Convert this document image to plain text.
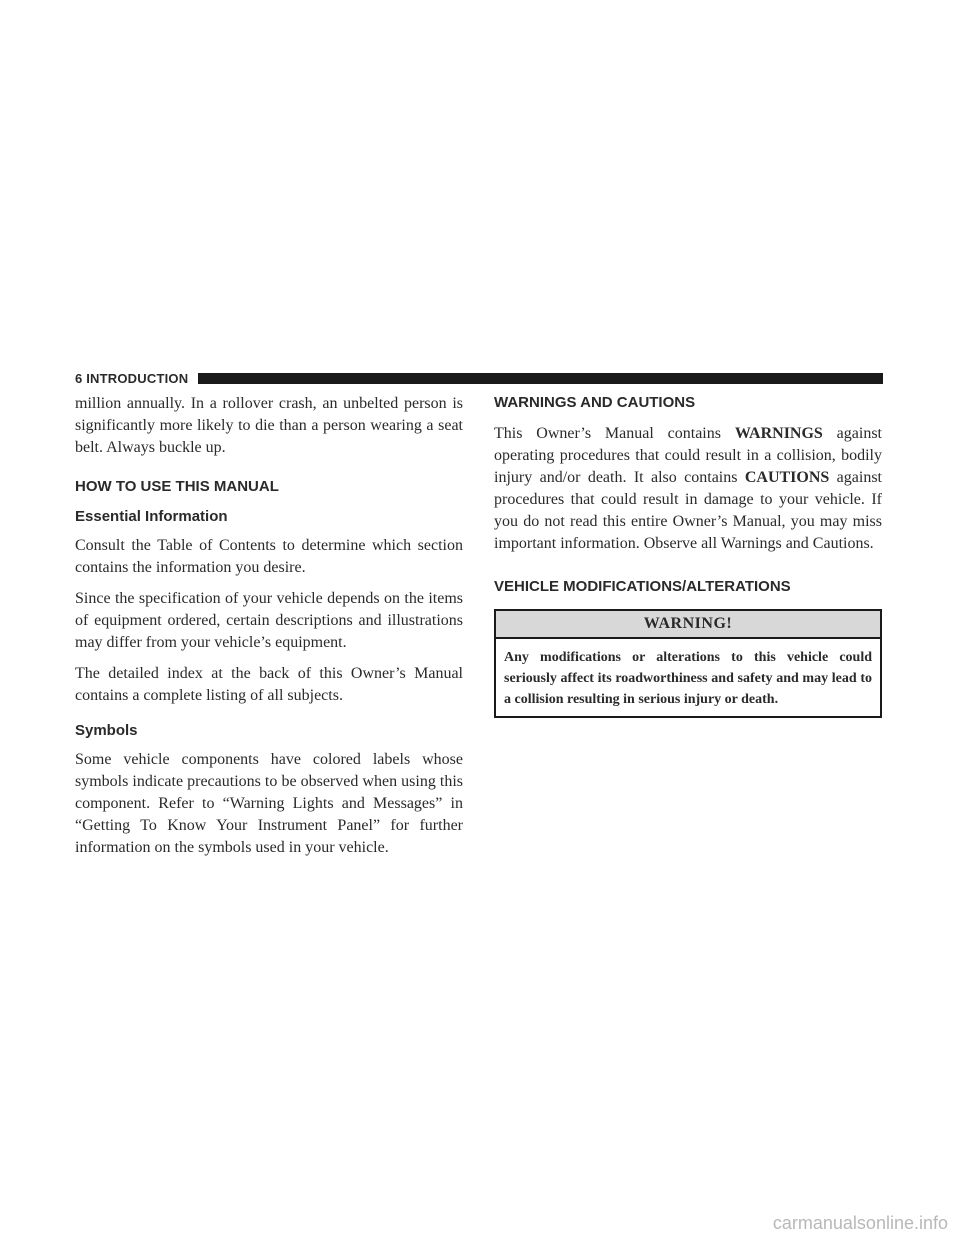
6 INTRODUCTION

million annually. In a rollover crash, an unbelted person is significantly more likely to die than a person wearing a seat belt. Always buckle up.

HOW TO USE THIS MANUAL
Essential Information

Consult the Table of Contents to determine which section contains the information you desire.

Since the specification of your vehicle depends on the items of equipment ordered, certain descriptions and illustrations may differ from your vehicle’s equipment.

The detailed index at the back of this Owner’s Manual contains a complete listing of all subjects.

Symbols

Some vehicle components have colored labels whose symbols indicate precautions to be observed when using this component. Refer to “Warning Lights and Messages” in “Getting To Know Your Instrument Panel” for further information on the symbols used in your vehicle.

WARNINGS AND CAUTIONS

This Owner’s Manual contains WARNINGS against operating procedures that could result in a collision, bodily injury and/or death. It also contains CAUTIONS against procedures that could result in damage to your vehicle. If you do not read this entire Owner’s Manual, you may miss important information. Observe all Warnings and Cautions.

VEHICLE MODIFICATIONS/ALTERATIONS
WARNING!
Any modifications or alterations to this vehicle could seriously affect its roadworthiness and safety and may lead to a collision resulting in serious injury or death.
carmanualsonline.info
